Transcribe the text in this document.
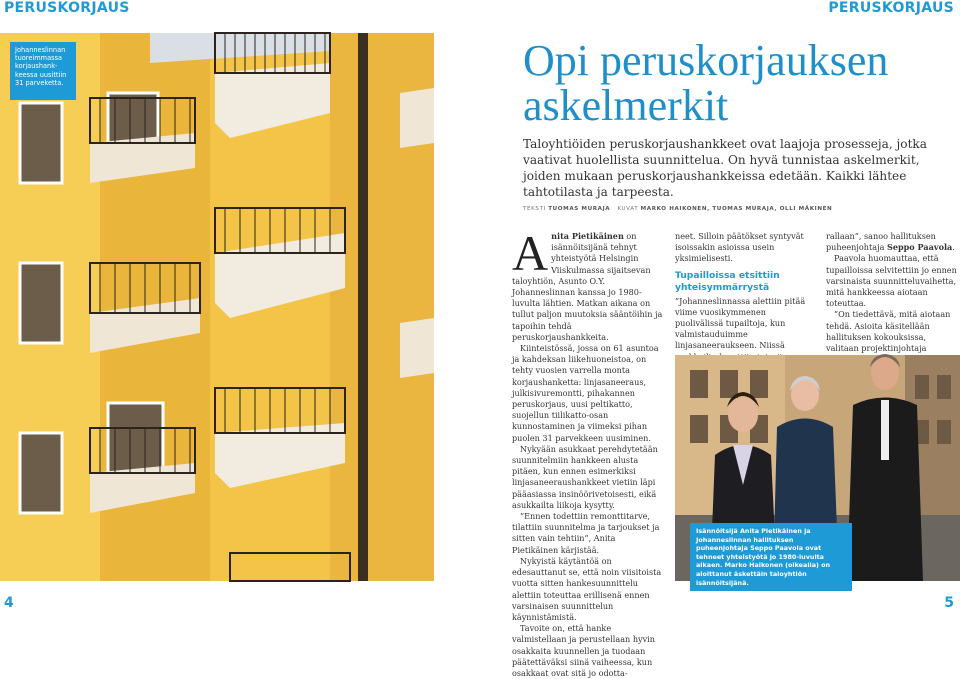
PERUSKORJAUS	PERUSKORJAUS
Johanneslinnan tuoreimmassa korjaushank-keessa uusittiin 31 parveketta.	Opi peruskorjauksen
askelmerkit

Taloyhtiöiden peruskorjaushankkeet ovat laajoja prosesseja, jotka vaativat huolellista suunnittelua. On hyvä tunnistaa askelmerkit, joiden mukaan peruskorjaushankkeissa edetään. Kaikki lähtee tahtotilasta ja tarpeesta.

TEKSTI TUOMAS MURAJA KUVAT MARKO HAIKONEN, TUOMAS MURAJA, OLLI MÄKINEN

Anita Pietikäinen on isännöitsijänä tehnyt yhteistyötä Helsingin Viiskulmassa sijaitsevan taloyhtiön, Asunto O.Y. Johanneslinnan kanssa jo 1980-luvulta lähtien. Matkan aikana on tullut paljon muutoksia sääntöihin ja tapoihin tehdä peruskorjaushankkeita.

Kiinteistössä, jossa on 61 asuntoa ja kahdeksan liikehuoneistoa, on tehty vuosien varrella monta korjaushanketta: linjasaneeraus, julkisivuremontti, pihakannen peruskorjaus, uusi peltikatto, suojellun tiilikatto-osan kunnostaminen ja viimeksi pihan puolen 31 parvekkeen uusiminen.

Nykyään asukkaat perehdytetään suunnitelmiin hankkeen alusta pitäen, kun ennen esimerkiksi linjasaneeraushankkeet vietiin läpi pääasiassa insinöörivetoisesti, eikä asukkailta liikoja kysytty.

”Ennen todettiin remonttitarve, tilattiin suunnitelma ja tarjoukset ja sitten vain tehtiin”, Anita Pietikäinen kärjistää.

Nykyistä käytäntöä on edesauttanut se, että noin viisitoista vuotta sitten hankesuunnittelu alettiin toteuttaa erillisenä ennen varsinaisen suunnittelun käynnistämistä.

Tavoite on, että hanke valmistellaan ja perustellaan hyvin osakkaita kuunnellen ja tuodaan päätettäväksi siinä vaiheessa, kun osakkaat ovat sitä jo odotta-

neet. Silloin päätökset syntyvät isoissakin asioissa usein yksimielisesti.

Tupailloissa etsittiin yhteisymmärrystä

”Johanneslinnassa alettiin pitää viime vuosikymmenen puolivälissä tupailtoja, kun valmistauduimme linjasaneeraukseen. Niissä

rallaan”, sanoo hallituksen puheenjohtaja Seppo Paavola.

Paavola huomauttaa, että tupailloissa selvitettiin jo ennen varsinaista suunnitteluvaihetta, mitä hankkeessa aiotaan toteuttaa.

”On tiedettävä, mitä aiotaan tehdä. Asioita käsitellään hallituksen kokouksissa, valitaan projektinjohtaja

Isännöitsijä Anita Pietikäinen ja Johanneslinnan hallituksen puheenjohtaja Seppo Paavola ovat tehneet yhteistyötä jo 1980-luvulta alkaen. Marko Haikonen (oikealla) on aloittanut äskettäin taloyhtiön isännöitsijänä.
4	5
